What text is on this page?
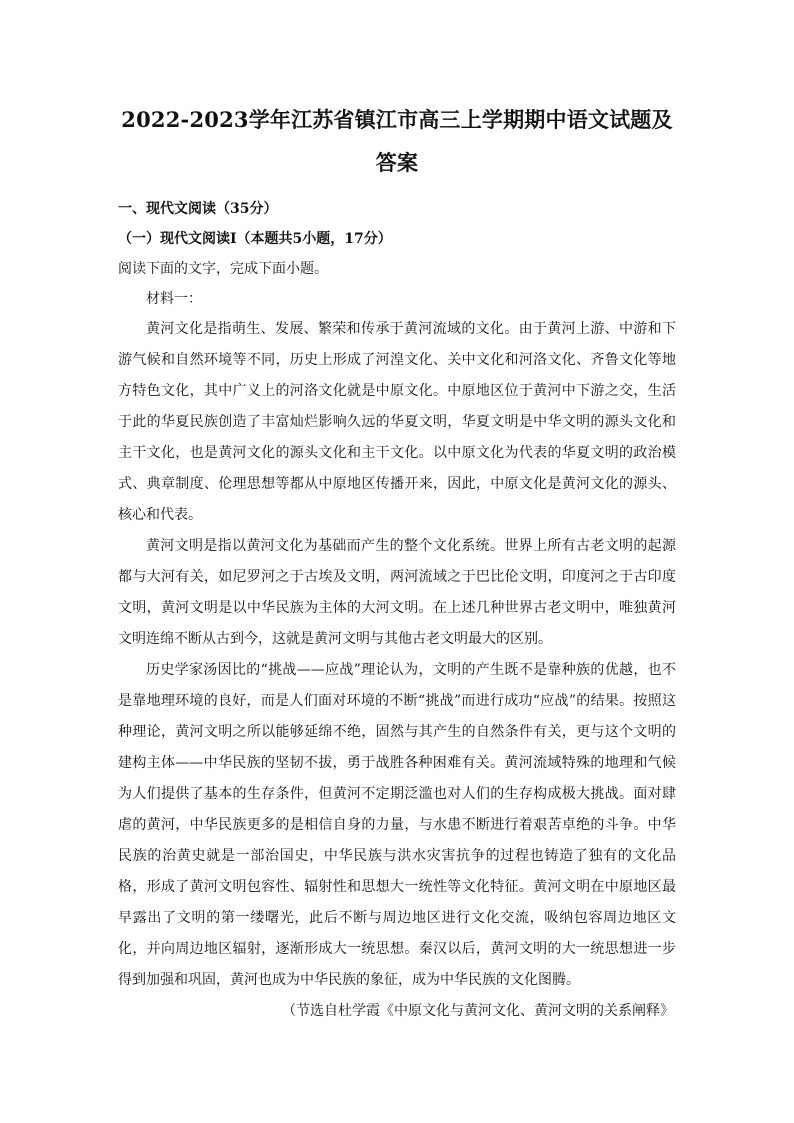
2022-2023学年江苏省镇江市高三上学期期中语文试题及答案
一、现代文阅读（35分）
（一）现代文阅读Ⅰ（本题共5小题，17分）
阅读下面的文字，完成下面小题。
材料一：

黄河文化是指萌生、发展、繁荣和传承于黄河流域的文化。由于黄河上游、中游和下游气候和自然环境等不同，历史上形成了河湟文化、关中文化和河洛文化、齐鲁文化等地方特色文化，其中广义上的河洛文化就是中原文化。中原地区位于黄河中下游之交，生活于此的华夏民族创造了丰富灿烂影响久远的华夏文明，华夏文明是中华文明的源头文化和主干文化，也是黄河文化的源头文化和主干文化。以中原文化为代表的华夏文明的政治模式、典章制度、伦理思想等都从中原地区传播开来，因此，中原文化是黄河文化的源头、核心和代表。

黄河文明是指以黄河文化为基础而产生的整个文化系统。世界上所有古老文明的起源都与大河有关，如尼罗河之于古埃及文明，两河流域之于巴比伦文明，印度河之于古印度文明，黄河文明是以中华民族为主体的大河文明。在上述几种世界古老文明中，唯独黄河文明连绵不断从古到今，这就是黄河文明与其他古老文明最大的区别。

历史学家汤因比的“挑战——应战”理论认为，文明的产生既不是靠种族的优越，也不是靠地理环境的良好，而是人们面对环境的不断“挑战”而进行成功“应战”的结果。按照这种理论，黄河文明之所以能够延绵不绝，固然与其产生的自然条件有关，更与这个文明的建构主体——中华民族的坚韧不拔，勇于战胜各种困难有关。黄河流域特殊的地理和气候为人们提供了基本的生存条件，但黄河不定期泛滥也对人们的生存构成极大挑战。面对肆虐的黄河，中华民族更多的是相信自身的力量，与水患不断进行着艰苦卓绝的斗争。中华民族的治黄史就是一部治国史，中华民族与洪水灾害抗争的过程也铸造了独有的文化品格，形成了黄河文明包容性、辐射性和思想大一统性等文化特征。黄河文明在中原地区最早露出了文明的第一缕曙光，此后不断与周边地区进行文化交流，吸纳包容周边地区文化，并向周边地区辐射，逐渐形成大一统思想。秦汉以后，黄河文明的大一统思想进一步得到加强和巩固，黄河也成为中华民族的象征，成为中华民族的文化图腾。

（节选自杜学霞《中原文化与黄河文化、黄河文明的关系阐释》
